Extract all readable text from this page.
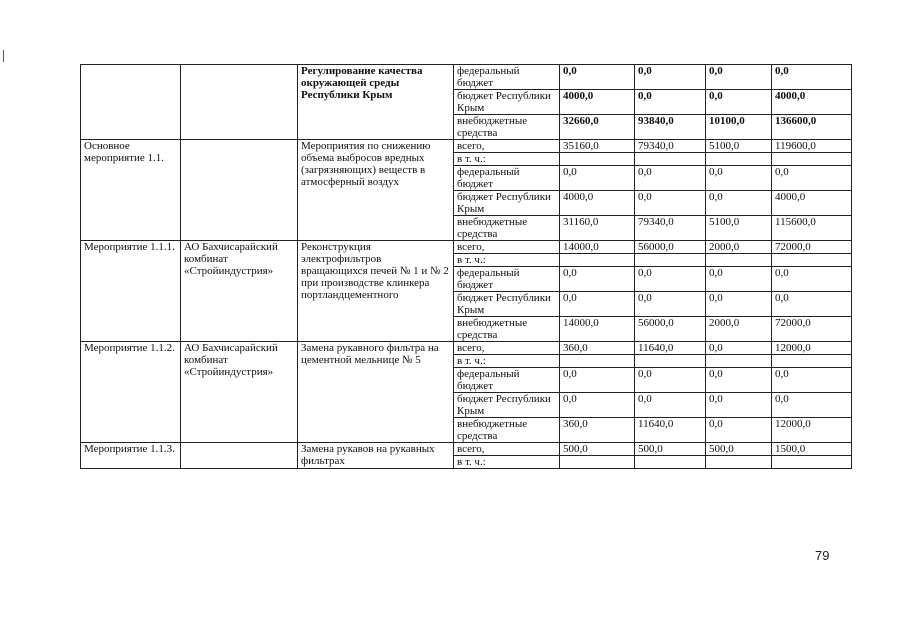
		Регулирование качества окружающей среды Республики Крым	федеральный бюджет	0,0	0,0	0,0	0,0
			бюджет Республики Крым	4000,0	0,0	0,0	4000,0
			внебюджетные средства	32660,0	93840,0	10100,0	136600,0
Основное мероприятие 1.1.		Мероприятия по снижению объема выбросов вредных (загрязняющих) веществ в атмосферный воздух	всего,	35160,0	79340,0	5100,0	119600,0
			в т. ч.:				
			федеральный бюджет	0,0	0,0	0,0	0,0
			бюджет Республики Крым	4000,0	0,0	0,0	4000,0
			внебюджетные средства	31160,0	79340,0	5100,0	115600,0
Мероприятие 1.1.1.	АО Бахчисарайский комбинат «Стройиндустрия»	Реконструкция электрофильтров вращающихся печей № 1 и № 2 при производстве клинкера портландцементного	всего,	14000,0	56000,0	2000,0	72000,0
			в т. ч.:				
			федеральный бюджет	0,0	0,0	0,0	0,0
			бюджет Республики Крым	0,0	0,0	0,0	0,0
			внебюджетные средства	14000,0	56000,0	2000,0	72000,0
Мероприятие 1.1.2.	АО Бахчисарайский комбинат «Стройиндустрия»	Замена рукавного фильтра на цементной мельнице № 5	всего,	360,0	11640,0	0,0	12000,0
			в т. ч.:				
			федеральный бюджет	0,0	0,0	0,0	0,0
			бюджет Республики Крым	0,0	0,0	0,0	0,0
			внебюджетные средства	360,0	11640,0	0,0	12000,0
Мероприятие 1.1.3.		Замена рукавов на рукавных фильтрах	всего,	500,0	500,0	500,0	1500,0
			в т. ч.:				
79
